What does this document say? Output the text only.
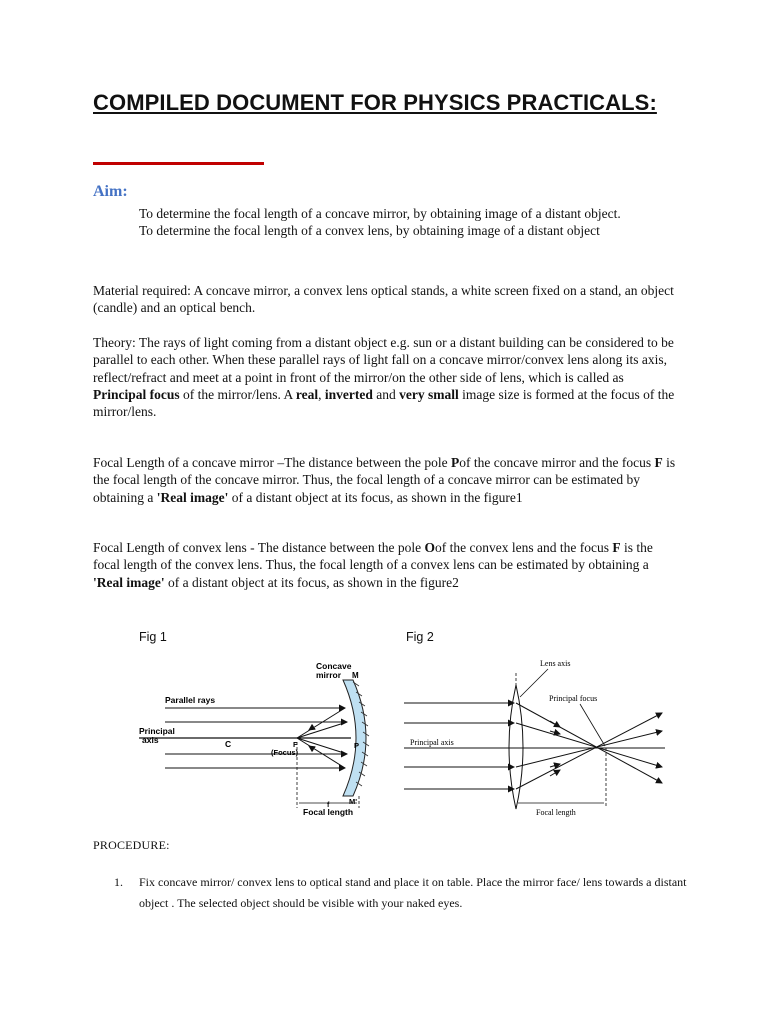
COMPILED DOCUMENT FOR PHYSICS PRACTICALS:
Aim:

To determine the focal length of a concave mirror, by obtaining image of a distant object.

To determine the focal length of a convex lens, by obtaining image of a distant object

Material required: A concave mirror, a convex lens optical stands, a white screen fixed on a stand, an object (candle) and an optical bench.

Theory: The rays of light coming from a distant object e.g. sun or a distant building can be considered to be parallel to each other. When these parallel rays of light fall on a concave mirror/convex lens along its axis, reflect/refract and meet at a point in front of the mirror/on the other side of lens, which is called as Principal focus of the mirror/lens. A real, inverted and very small image size is formed at the focus of the mirror/lens.

Focal Length of a concave mirror –The distance between the pole Pof the concave mirror and the focus F is the focal length of the concave mirror. Thus, the focal length of a concave mirror can be estimated by obtaining a 'Real image' of a distant object at its focus, as shown in the figure1

Focal Length of convex lens - The distance between the pole Oof the convex lens and the focus F is the focal length of the convex lens. Thus, the focal length of a convex lens can be estimated by obtaining a 'Real image' of a distant object at its focus, as shown in the figure2

Fig 1	Fig 2
Concave
mirror M
Parallel rays
Principal
axis	C	F
(Focus)
P
M'
f
Focal length
Lens axis
Principal focus
Principal axis
Focal length
PROCEDURE:
1. Fix concave mirror/ convex lens to optical stand and place it on table. Place the mirror face/ lens towards a distant object . The selected object should be visible with your naked eyes.
